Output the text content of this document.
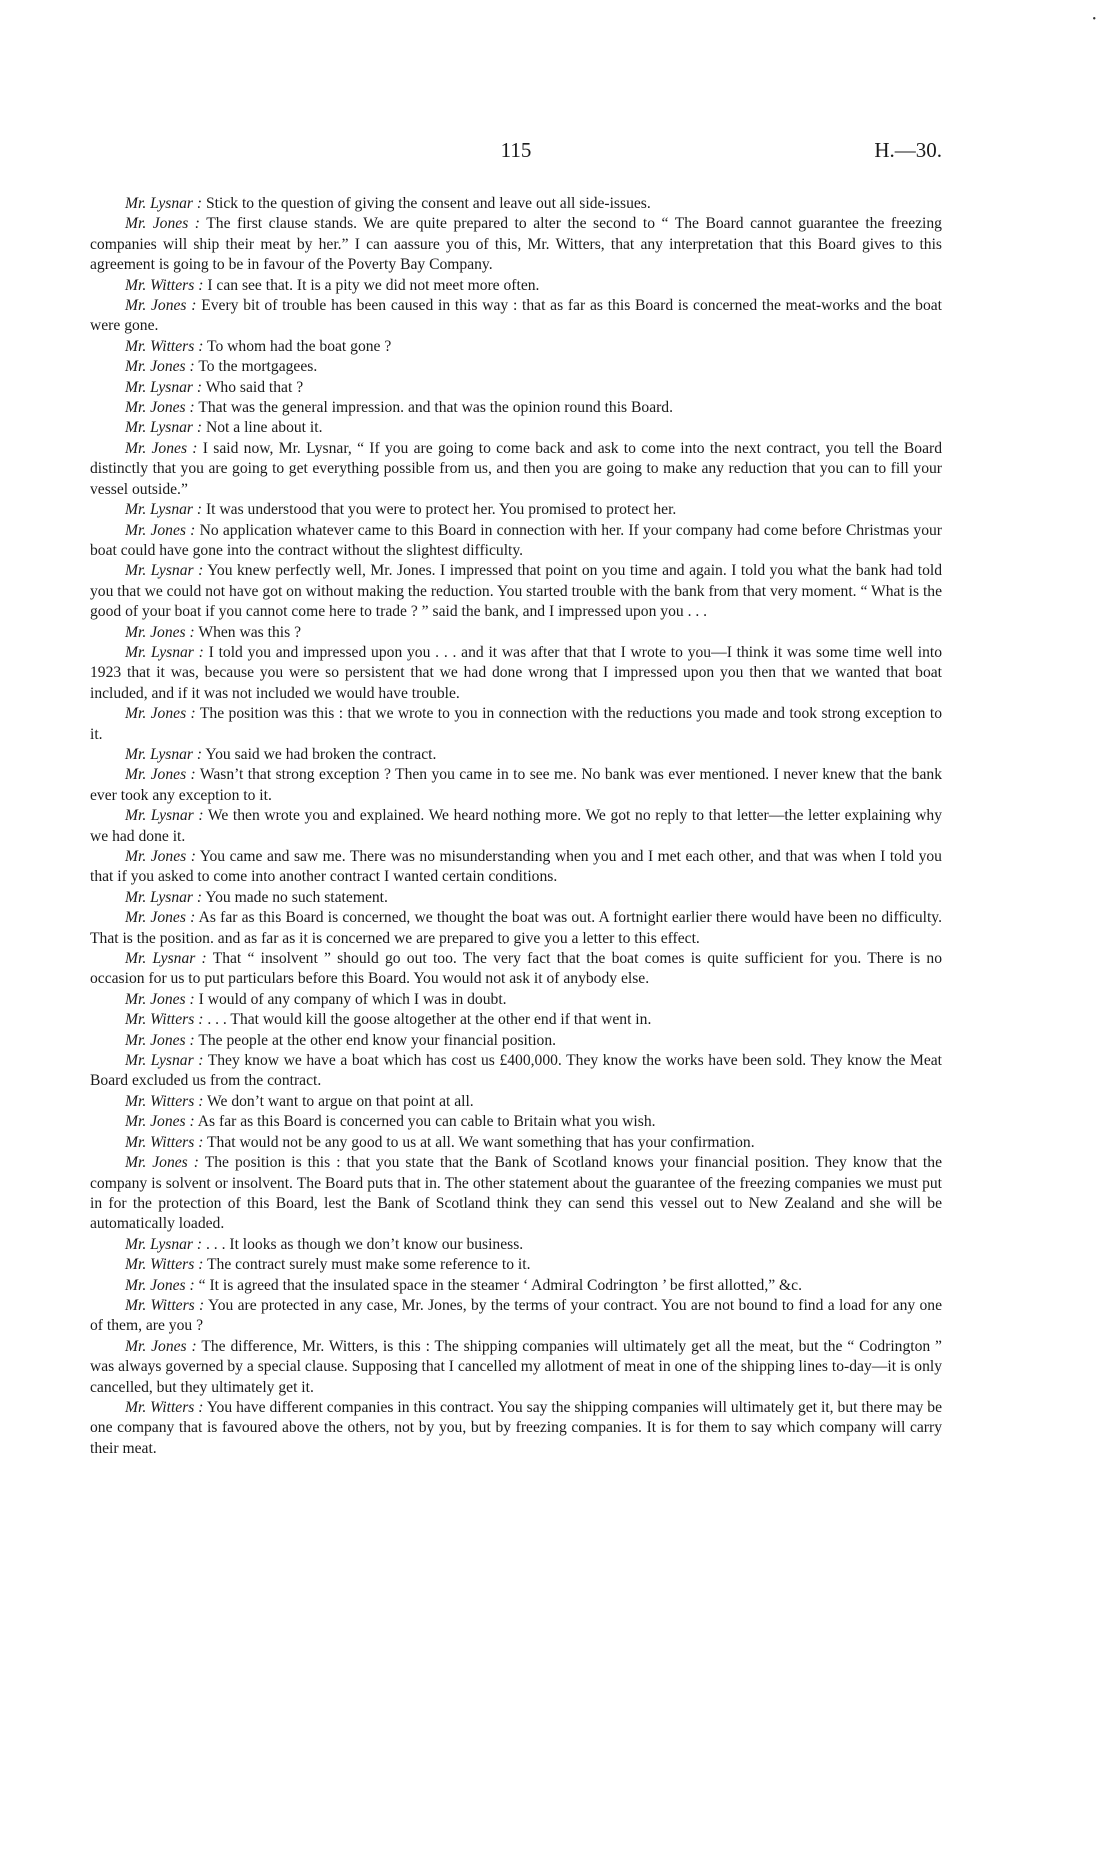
•
115	H.—30.

Mr. Lysnar : Stick to the question of giving the consent and leave out all side-issues.

Mr. Jones : The first clause stands. We are quite prepared to alter the second to “ The Board cannot guarantee the freezing companies will ship their meat by her.” I can aassure you of this, Mr. Witters, that any interpretation that this Board gives to this agreement is going to be in favour of the Poverty Bay Company.

Mr. Witters : I can see that. It is a pity we did not meet more often.

Mr. Jones : Every bit of trouble has been caused in this way : that as far as this Board is concerned the meat-works and the boat were gone.

Mr. Witters : To whom had the boat gone ?

Mr. Jones : To the mortgagees.

Mr. Lysnar : Who said that ?

Mr. Jones : That was the general impression. and that was the opinion round this Board.

Mr. Lysnar : Not a line about it.

Mr. Jones : I said now, Mr. Lysnar, “ If you are going to come back and ask to come into the next contract, you tell the Board distinctly that you are going to get everything possible from us, and then you are going to make any reduction that you can to fill your vessel outside.”

Mr. Lysnar : It was understood that you were to protect her. You promised to protect her.

Mr. Jones : No application whatever came to this Board in connection with her. If your company had come before Christmas your boat could have gone into the contract without the slightest difficulty.

Mr. Lysnar : You knew perfectly well, Mr. Jones. I impressed that point on you time and again. I told you what the bank had told you that we could not have got on without making the reduction. You started trouble with the bank from that very moment. “ What is the good of your boat if you cannot come here to trade ? ” said the bank, and I impressed upon you . . .

Mr. Jones : When was this ?

Mr. Lysnar : I told you and impressed upon you . . . and it was after that that I wrote to you—I think it was some time well into 1923 that it was, because you were so persistent that we had done wrong that I impressed upon you then that we wanted that boat included, and if it was not included we would have trouble.

Mr. Jones : The position was this : that we wrote to you in connection with the reductions you made and took strong exception to it.

Mr. Lysnar : You said we had broken the contract.

Mr. Jones : Wasn’t that strong exception ? Then you came in to see me. No bank was ever mentioned. I never knew that the bank ever took any exception to it.

Mr. Lysnar : We then wrote you and explained. We heard nothing more. We got no reply to that letter—the letter explaining why we had done it.

Mr. Jones : You came and saw me. There was no misunderstanding when you and I met each other, and that was when I told you that if you asked to come into another contract I wanted certain conditions.

Mr. Lysnar : You made no such statement.

Mr. Jones : As far as this Board is concerned, we thought the boat was out. A fortnight earlier there would have been no difficulty. That is the position. and as far as it is concerned we are prepared to give you a letter to this effect.

Mr. Lysnar : That “ insolvent ” should go out too. The very fact that the boat comes is quite sufficient for you. There is no occasion for us to put particulars before this Board. You would not ask it of anybody else.

Mr. Jones : I would of any company of which I was in doubt.

Mr. Witters : . . . That would kill the goose altogether at the other end if that went in.

Mr. Jones : The people at the other end know your financial position.

Mr. Lysnar : They know we have a boat which has cost us £400,000. They know the works have been sold. They know the Meat Board excluded us from the contract.

Mr. Witters : We don’t want to argue on that point at all.

Mr. Jones : As far as this Board is concerned you can cable to Britain what you wish.

Mr. Witters : That would not be any good to us at all. We want something that has your confirmation.

Mr. Jones : The position is this : that you state that the Bank of Scotland knows your financial position. They know that the company is solvent or insolvent. The Board puts that in. The other statement about the guarantee of the freezing companies we must put in for the protection of this Board, lest the Bank of Scotland think they can send this vessel out to New Zealand and she will be automatically loaded.

Mr. Lysnar : . . . It looks as though we don’t know our business.

Mr. Witters : The contract surely must make some reference to it.

Mr. Jones : “ It is agreed that the insulated space in the steamer ‘ Admiral Codrington ’ be first allotted,” &c.

Mr. Witters : You are protected in any case, Mr. Jones, by the terms of your contract. You are not bound to find a load for any one of them, are you ?

Mr. Jones : The difference, Mr. Witters, is this : The shipping companies will ultimately get all the meat, but the “ Codrington ” was always governed by a special clause. Supposing that I cancelled my allotment of meat in one of the shipping lines to-day—it is only cancelled, but they ultimately get it.

Mr. Witters : You have different companies in this contract. You say the shipping companies will ultimately get it, but there may be one company that is favoured above the others, not by you, but by freezing companies. It is for them to say which company will carry their meat.
